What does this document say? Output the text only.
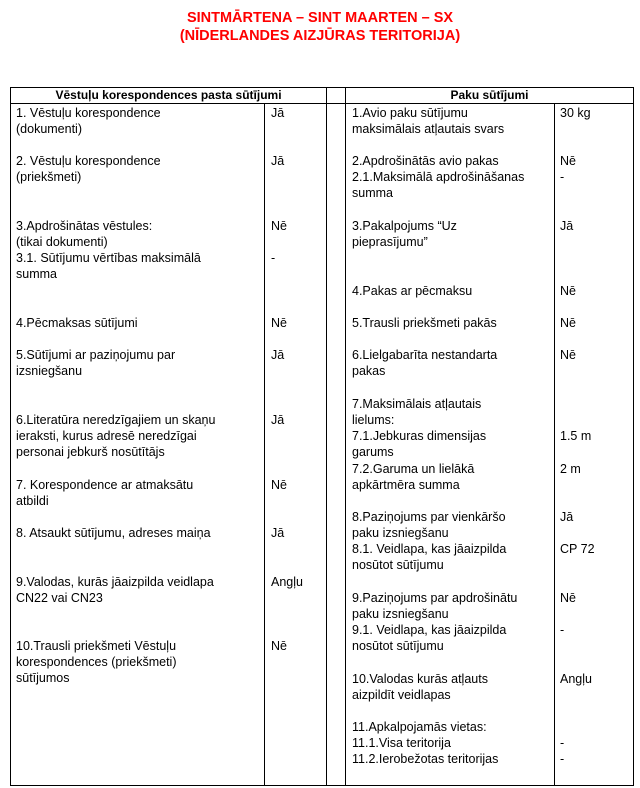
SINTMĀRTENA – SINT MAARTEN – SX
(NĪDERLANDES AIZJŪRAS TERITORIJA)
Vēstuļu korespondences pasta sūtījumi	Paku sūtījumi
1. Vēstuļu korespondence
(dokumenti)
Jā
2. Vēstuļu korespondence
(priekšmeti)
Jā
3.Apdrošinātas vēstules:
(tikai dokumenti)
Nē
3.1. Sūtījumu vērtības maksimālā
summa
-
4.Pēcmaksas sūtījumi	Nē
5.Sūtījumi ar paziņojumu par
izsniegšanu
Jā
6.Literatūra neredzīgajiem un skaņu
ieraksti, kurus adresē neredzīgai
personai jebkurš nosūtītājs
Jā
7. Korespondence ar atmaksātu
atbildi
Nē
8. Atsaukt sūtījumu, adreses maiņa	Jā
9.Valodas, kurās jāaizpilda veidlapa
CN22 vai CN23
Angļu
10.Trausli priekšmeti Vēstuļu
korespondences (priekšmeti)
sūtījumos
Nē
1.Avio paku sūtījumu
maksimālais atļautais svars
30 kg
2.Apdrošinātās avio pakas	Nē
2.1.Maksimālā apdrošināšanas
summa
-
3.Pakalpojums “Uz
pieprasījumu”
Jā
4.Pakas ar pēcmaksu	Nē
5.Trausli priekšmeti pakās	Nē
6.Lielgabarīta nestandarta
pakas
Nē
7.Maksimālais atļautais
lielums:
7.1.Jebkuras dimensijas
garums
1.5 m
7.2.Garuma un lielākā
apkārtmēra summa
2 m
8.Paziņojums par vienkāršo
paku izsniegšanu
Jā
8.1. Veidlapa, kas jāaizpilda
nosūtot sūtījumu
CP 72
9.Paziņojums par apdrošinātu
paku izsniegšanu
Nē
9.1. Veidlapa, kas jāaizpilda
nosūtot sūtījumu
-
10.Valodas kurās atļauts
aizpildīt veidlapas
Angļu
11.Apkalpojamās vietas:
11.1.Visa teritorija	-
11.2.Ierobežotas teritorijas	-
